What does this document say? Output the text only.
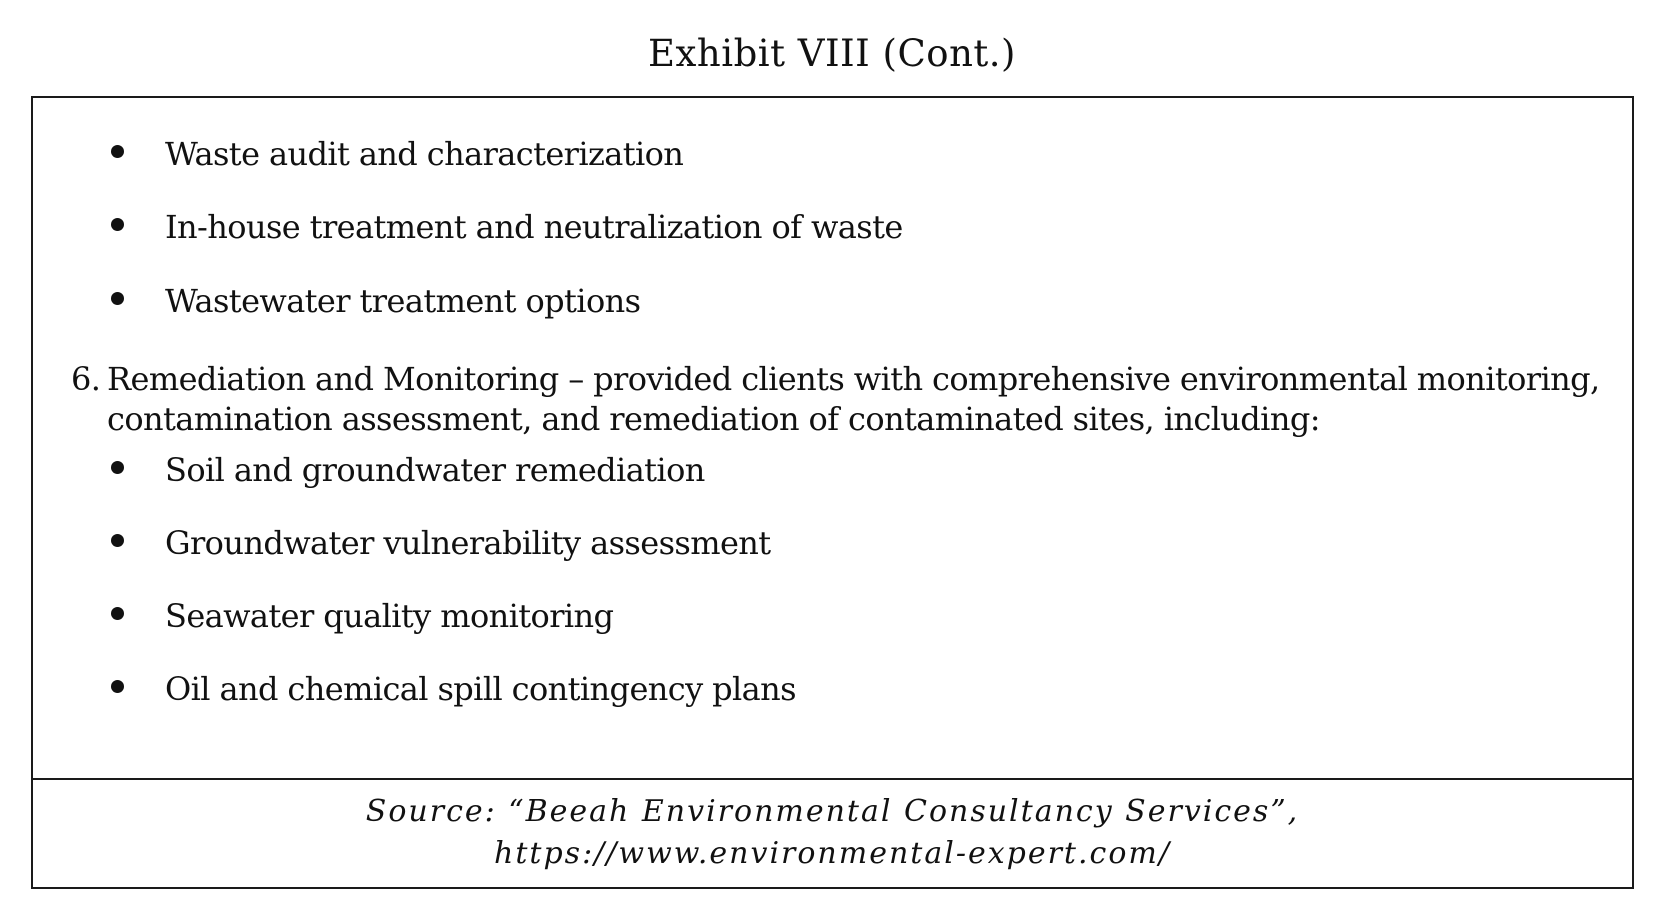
Exhibit VIII (Cont.)
Waste audit and characterization
In-house treatment and neutralization of waste
Wastewater treatment options
6. Remediation and Monitoring – provided clients with comprehensive environmental monitoring,
contamination assessment, and remediation of contaminated sites, including:
Soil and groundwater remediation
Groundwater vulnerability assessment
Seawater quality monitoring
Oil and chemical spill contingency plans
Source: “Beeah Environmental Consultancy Services”,
https://www.environmental-expert.com/
